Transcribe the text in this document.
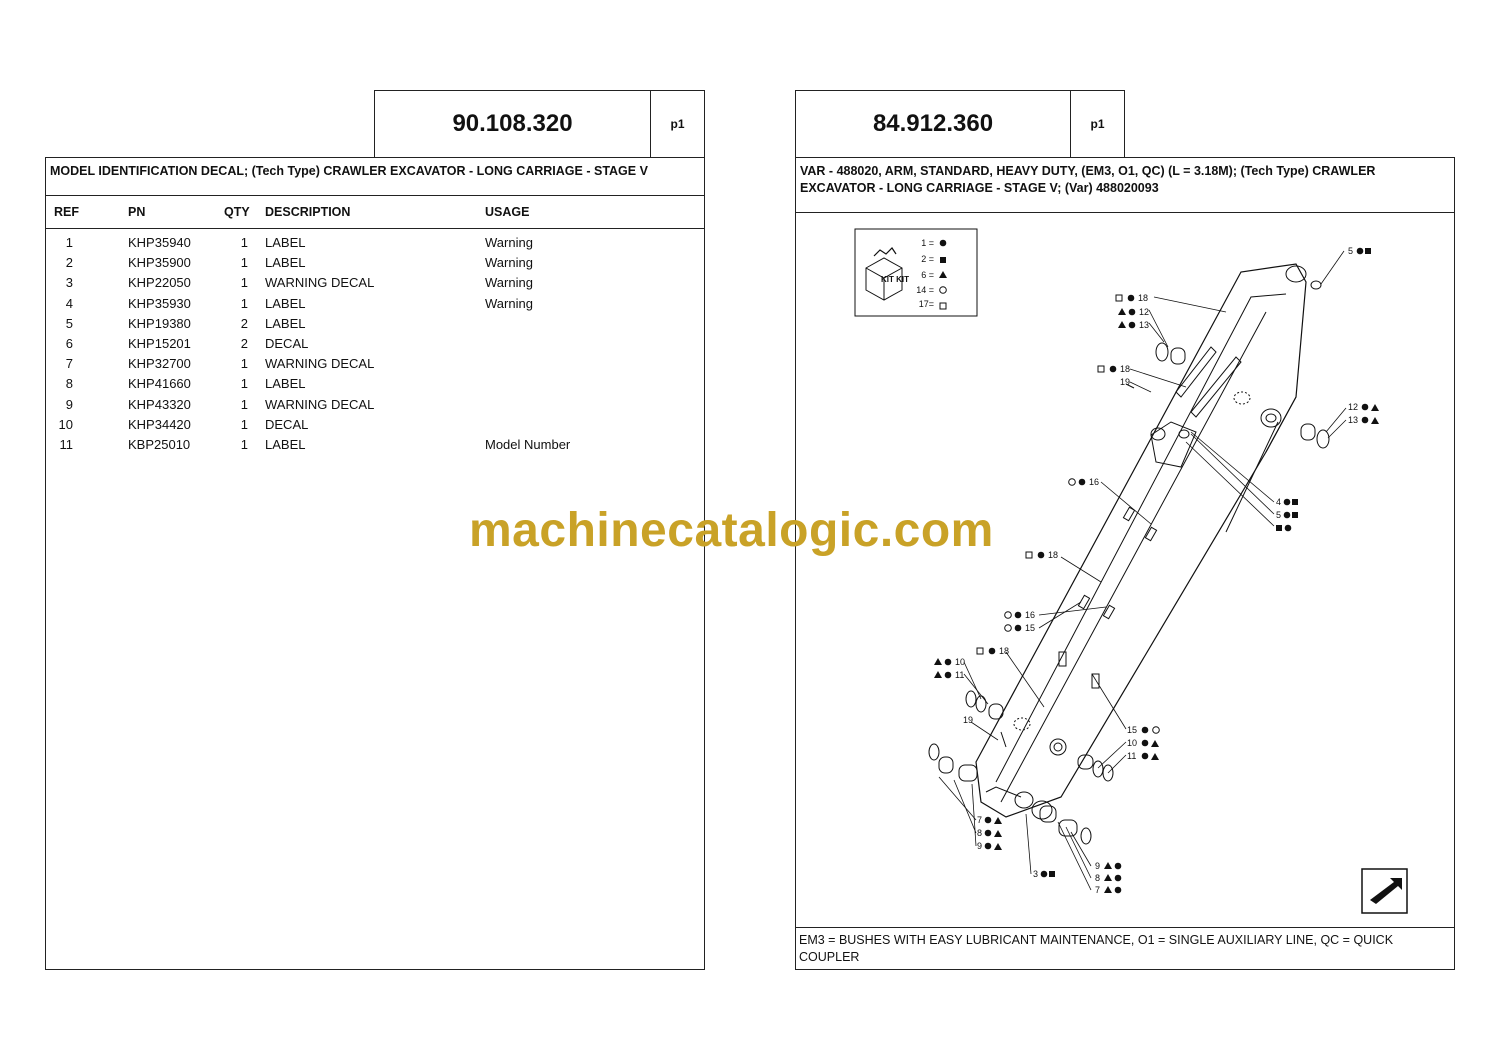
90.108.320	p1
MODEL IDENTIFICATION DECAL; (Tech Type) CRAWLER EXCAVATOR - LONG CARRIAGE - STAGE V
REF	PN	QTY DESCRIPTION	USAGE
1	KHP35940	1 LABEL	Warning
2	KHP35900	1 LABEL	Warning
3	KHP22050	1 WARNING DECAL	Warning
4	KHP35930	1 LABEL	Warning
5	KHP19380	2 LABEL
6	KHP15201	2 DECAL
7	KHP32700	1 WARNING DECAL
8	KHP41660	1 LABEL
9	KHP43320	1 WARNING DECAL
10	KHP34420	1 DECAL
11	KBP25010	1 LABEL	Model Number
84.912.360	p1
VAR - 488020, ARM, STANDARD, HEAVY DUTY, (EM3, O1, QC) (L = 3.18M); (Tech Type) CRAWLER EXCAVATOR - LONG CARRIAGE - STAGE V; (Var) 488020093
1 =
2 =
6 =
14 =
17=
KIT KIT
5
18
12
13
18
19
12
13
16
4
5
18
16
15
18
10
11
19
15
10
11
7
8
9
3
9
8
7
EM3 = BUSHES WITH EASY LUBRICANT MAINTENANCE, O1 = SINGLE AUXILIARY LINE, QC = QUICK COUPLER
machinecatalogic.com
